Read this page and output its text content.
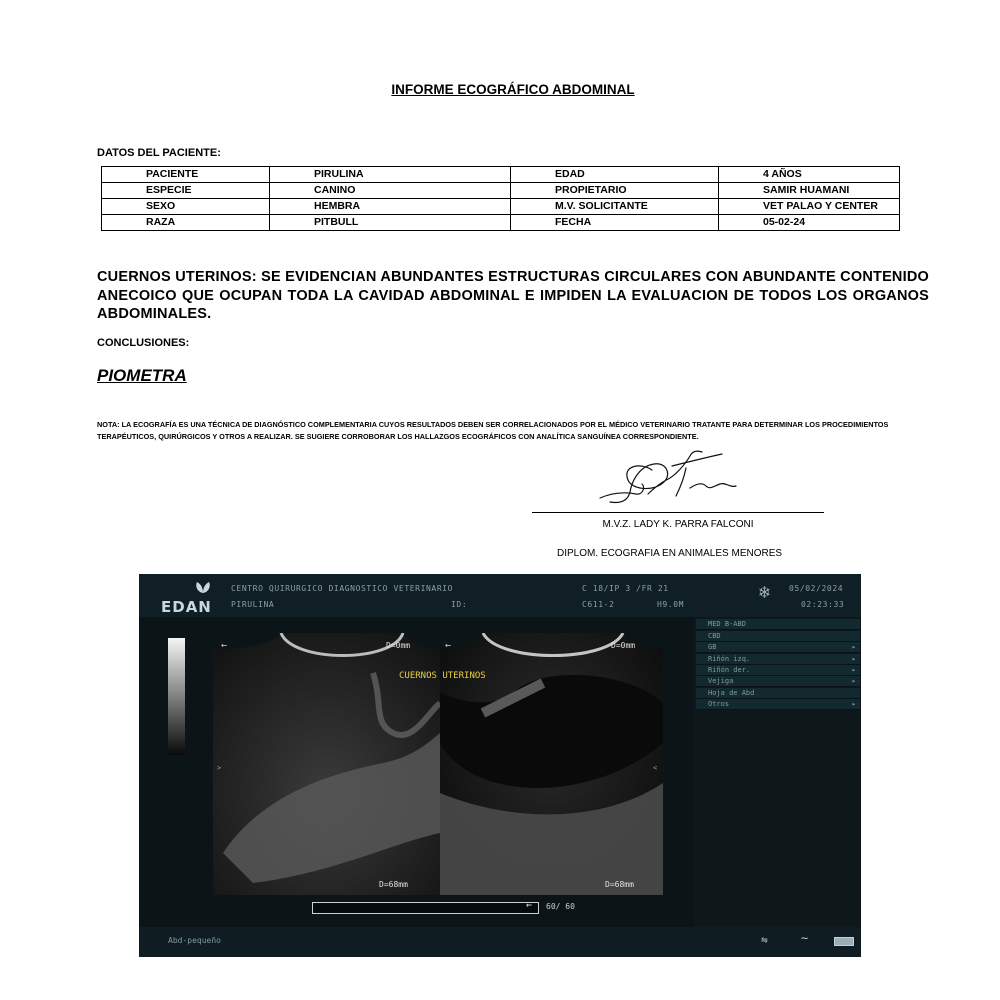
INFORME ECOGRÁFICO ABDOMINAL
DATOS DEL PACIENTE:
PACIENTE	PIRULINA	EDAD	4 AÑOS
ESPECIE	CANINO	PROPIETARIO	SAMIR HUAMANI
SEXO	HEMBRA	M.V. SOLICITANTE	VET PALAO Y CENTER
RAZA	PITBULL	FECHA	05-02-24
CUERNOS UTERINOS: SE EVIDENCIAN ABUNDANTES ESTRUCTURAS CIRCULARES CON ABUNDANTE CONTENIDO ANECOICO QUE OCUPAN TODA LA CAVIDAD ABDOMINAL E IMPIDEN LA EVALUACION DE TODOS LOS ORGANOS ABDOMINALES.
CONCLUSIONES:
PIOMETRA
NOTA: LA ECOGRAFÍA ES UNA TÉCNICA DE DIAGNÓSTICO COMPLEMENTARIA CUYOS RESULTADOS DEBEN SER CORRELACIONADOS POR EL MÉDICO VETERINARIO TRATANTE PARA DETERMINAR LOS PROCEDIMIENTOS TERAPÉUTICOS, QUIRÚRGICOS Y OTROS A REALIZAR. SE SUGIERE CORROBORAR LOS HALLAZGOS ECOGRÁFICOS CON ANALÍTICA SANGUÍNEA CORRESPONDIENTE.
M.V.Z. LADY K. PARRA FALCONI
DIPLOM. ECOGRAFIA EN ANIMALES MENORES
EDAN
CENTRO QUIRURGICO DIAGNOSTICO VETERINARIO
PIRULINA	ID:
C 18/IP 3 /FR 21
C611-2	H9.0M
❄ 05/02/2024
02:23:33
←	←
D=0mm	D=0mm
CUERNOS UTERINOS
D=68mm	D=68mm
>	<
⇐ 60/ 60
MED B-ABD
CBD
GB	▸
Riñón izq.	▸
Riñón der.	▸
Vejiga	▸
Hoja de Abd
Otros	▸
Abd-pequeño	⇋	∼
